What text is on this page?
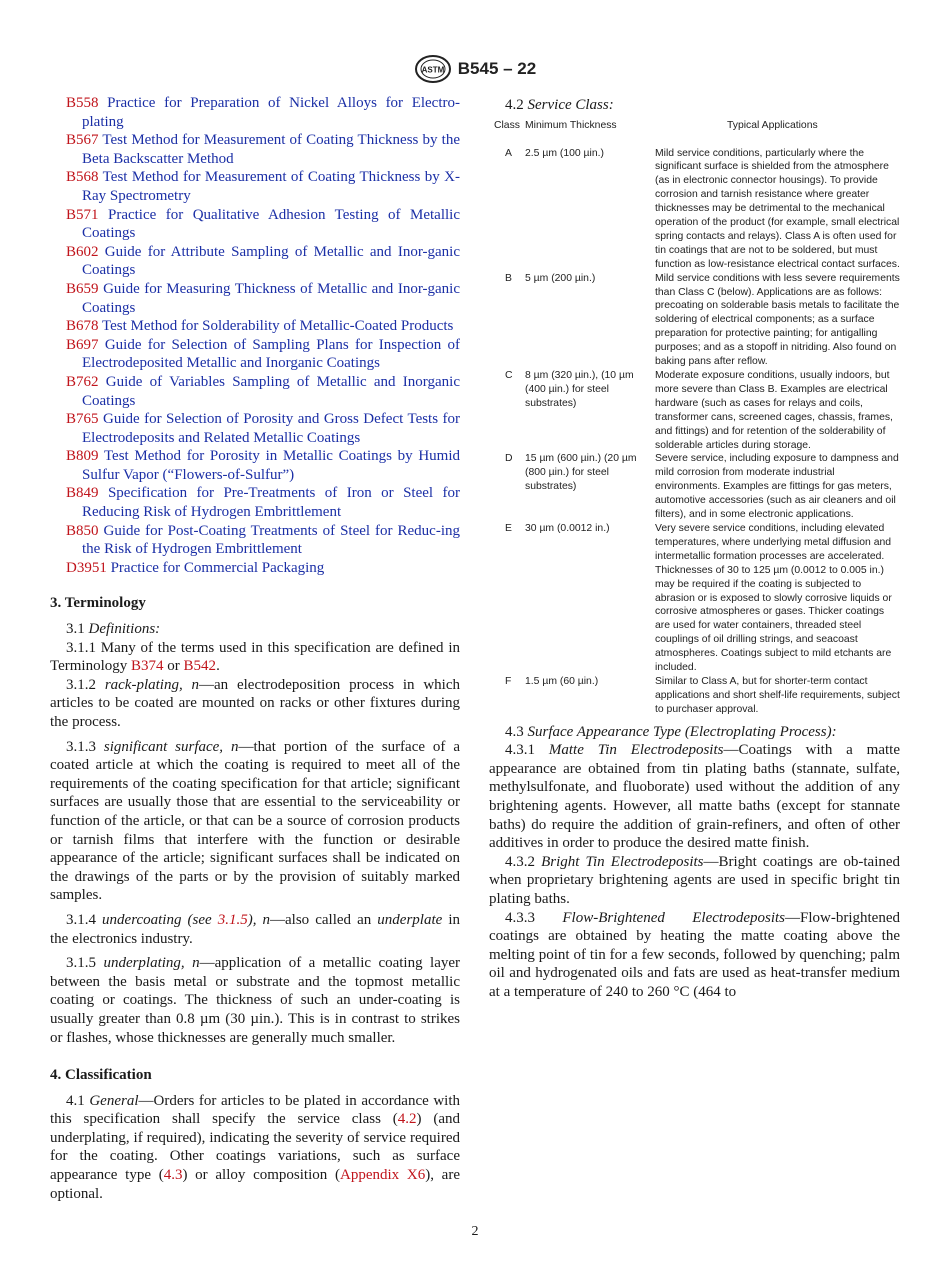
ASTM B545 – 22
B558 Practice for Preparation of Nickel Alloys for Electro-plating
B567 Test Method for Measurement of Coating Thickness by the Beta Backscatter Method
B568 Test Method for Measurement of Coating Thickness by X-Ray Spectrometry
B571 Practice for Qualitative Adhesion Testing of Metallic Coatings
B602 Guide for Attribute Sampling of Metallic and Inor-ganic Coatings
B659 Guide for Measuring Thickness of Metallic and Inor-ganic Coatings
B678 Test Method for Solderability of Metallic-Coated Products
B697 Guide for Selection of Sampling Plans for Inspection of Electrodeposited Metallic and Inorganic Coatings
B762 Guide of Variables Sampling of Metallic and Inorganic Coatings
B765 Guide for Selection of Porosity and Gross Defect Tests for Electrodeposits and Related Metallic Coatings
B809 Test Method for Porosity in Metallic Coatings by Humid Sulfur Vapor (“Flowers-of-Sulfur”)
B849 Specification for Pre-Treatments of Iron or Steel for Reducing Risk of Hydrogen Embrittlement
B850 Guide for Post-Coating Treatments of Steel for Reduc-ing the Risk of Hydrogen Embrittlement
D3951 Practice for Commercial Packaging
3. Terminology

3.1 Definitions:

3.1.1 Many of the terms used in this specification are defined in Terminology B374 or B542.

3.1.2 rack-plating, n—an electrodeposition process in which articles to be coated are mounted on racks or other fixtures during the process.

3.1.3 significant surface, n—that portion of the surface of a coated article at which the coating is required to meet all of the requirements of the coating specification for that article; significant surfaces are usually those that are essential to the serviceability or function of the article, or that can be a source of corrosion products or tarnish films that interfere with the function or desirable appearance of the article; significant surfaces shall be indicated on the drawings of the parts or by the provision of suitably marked samples.

3.1.4 undercoating (see 3.1.5), n—also called an underplate in the electronics industry.

3.1.5 underplating, n—application of a metallic coating layer between the basis metal or substrate and the topmost metallic coating or coatings. The thickness of such an under-coating is usually greater than 0.8 µm (30 µin.). This is in contrast to strikes or flashes, whose thicknesses are generally much smaller.

4. Classification

4.1 General—Orders for articles to be plated in accordance with this specification shall specify the service class (4.2) (and underplating, if required), indicating the severity of service required for the coating. Other coatings variations, such as surface appearance type (4.3) or alloy composition (Appendix X6), are optional.

4.2 Service Class:

Class	Minimum Thickness	Typical Applications
A	2.5 µm (100 µin.)	Mild service conditions, particularly where the significant surface is shielded from the atmosphere (as in electronic connector housings). To provide corrosion and tarnish resistance where greater thicknesses may be detrimental to the mechanical operation of the product (for example, small electrical spring contacts and relays). Class A is often used for tin coatings that are not to be soldered, but must function as low-resistance electrical contact surfaces.
B	5 µm (200 µin.)	Mild service conditions with less severe requirements than Class C (below). Applications are as follows: precoating on solderable basis metals to facilitate the soldering of electrical components; as a surface preparation for protective painting; for antigalling purposes; and as a stopoff in nitriding. Also found on baking pans after reflow.
C	8 µm (320 µin.), (10 µm (400 µin.) for steel substrates)	Moderate exposure conditions, usually indoors, but more severe than Class B. Examples are electrical hardware (such as cases for relays and coils, transformer cans, screened cages, chassis, frames, and fittings) and for retention of the solderability of solderable articles during storage.
D	15 µm (600 µin.) (20 µm (800 µin.) for steel substrates)	Severe service, including exposure to dampness and mild corrosion from moderate industrial environments. Examples are fittings for gas meters, automotive accessories (such as air cleaners and oil filters), and in some electronic applications.
E	30 µm (0.0012 in.)	Very severe service conditions, including elevated temperatures, where underlying metal diffusion and intermetallic formation processes are accelerated. Thicknesses of 30 to 125 µm (0.0012 to 0.005 in.) may be required if the coating is subjected to abrasion or is exposed to slowly corrosive liquids or corrosive atmospheres or gases. Thicker coatings are used for water containers, threaded steel couplings of oil drilling strings, and seacoast atmospheres. Coatings subject to mild etchants are included.
F	1.5 µm (60 µin.)	Similar to Class A, but for shorter-term contact applications and short shelf-life requirements, subject to purchaser approval.

4.3 Surface Appearance Type (Electroplating Process):

4.3.1 Matte Tin Electrodeposits—Coatings with a matte appearance are obtained from tin plating baths (stannate, sulfate, methylsulfonate, and fluoborate) used without the addition of any brightening agents. However, all matte baths (except for stannate baths) do require the addition of grain-refiners, and often of other additives in order to produce the desired matte finish.

4.3.2 Bright Tin Electrodeposits—Bright coatings are ob-tained when proprietary brightening agents are used in specific bright tin plating baths.

4.3.3 Flow-Brightened Electrodeposits—Flow-brightened coatings are obtained by heating the matte coating above the melting point of tin for a few seconds, followed by quenching; palm oil and hydrogenated oils and fats are used as heat-transfer medium at a temperature of 240 to 260 °C (464 to

2
